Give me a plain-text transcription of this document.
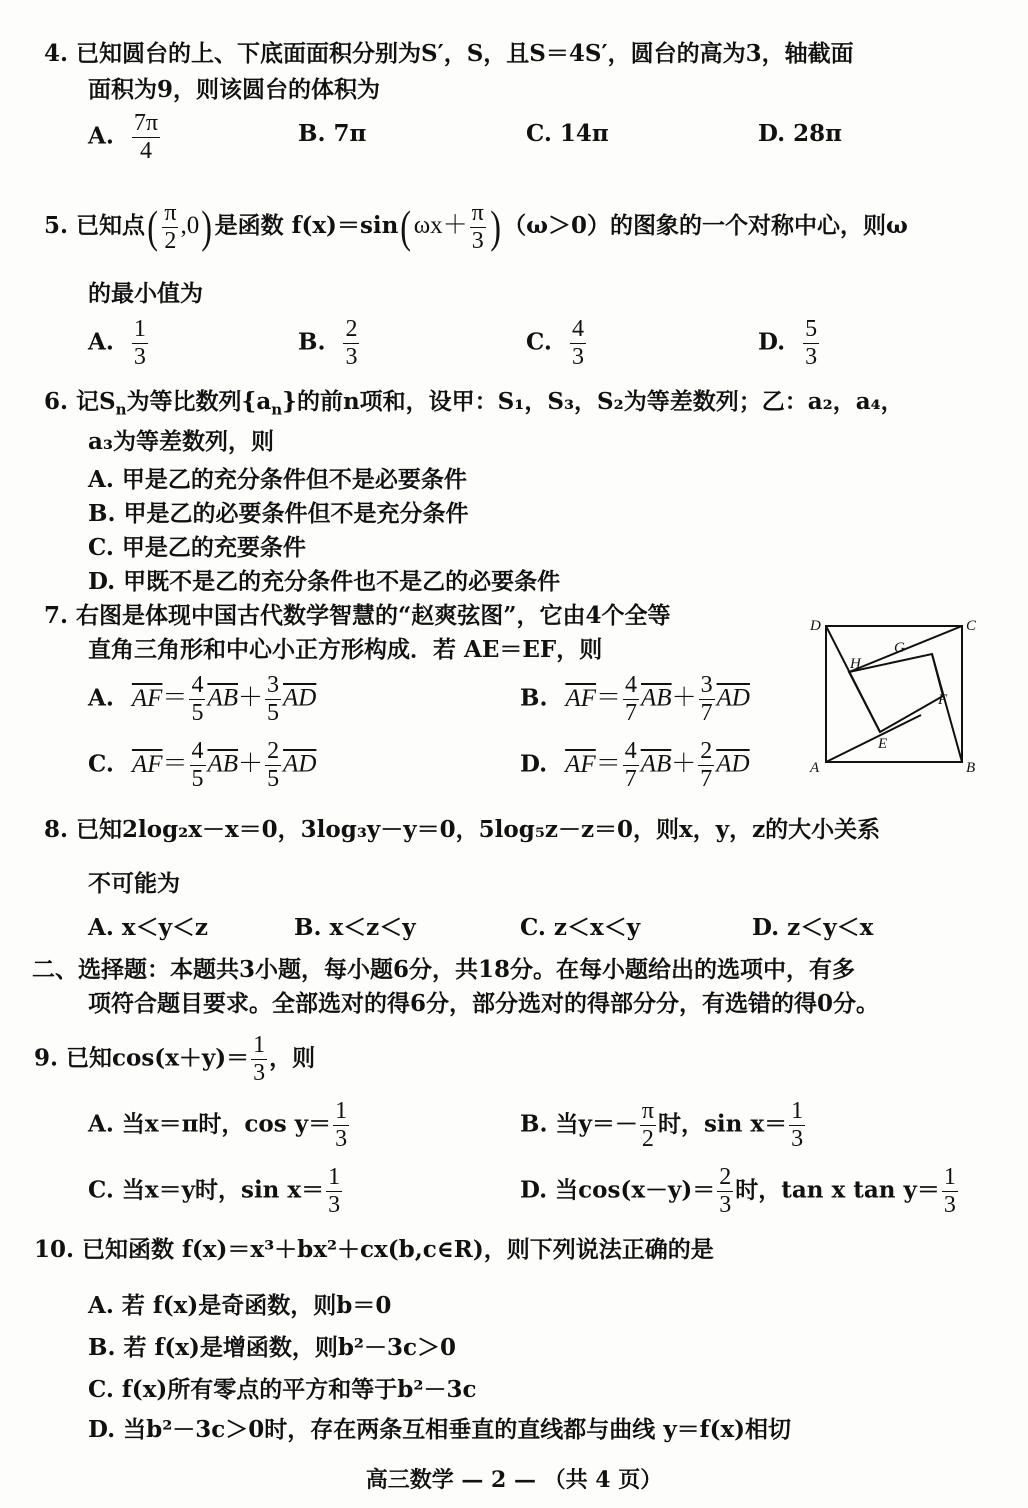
4. 已知圆台的上、下底面面积分别为S′，S，且S＝4S′，圆台的高为3，轴截面
面积为9，则该圆台的体积为
A. $\frac{7\pi}{4}$	B. 7π	C. 14π	D. 28π
5. 已知点( $\frac{\pi}{2} ,0$)是函数 $f(x)=\sin(\omega x+ \frac{\pi}{3} )(\omega>0)$的图象的一个对称中心，则ω
的最小值为
A. $\frac{1}{3}$	B. $\frac{2}{3}$	C. $\frac{4}{3}$	D. $\frac{5}{3}$
6. 记$S_n$为等比数列$\{a_n\}$的前n项和，设甲：S₁，S₃，S₂为等差数列；乙：a₂，a₄，
a₃为等差数列，则
A. 甲是乙的充分条件但不是必要条件
B. 甲是乙的必要条件但不是充分条件
C. 甲是乙的充要条件
D. 甲既不是乙的充分条件也不是乙的必要条件
7. 右图是体现中国古代数学智慧的“赵爽弦图”，它由4个全等
直角三角形和中心小正方形构成．若 AE＝EF，则
A. $\overline{AF}= \frac{4}{5} \overline{AB}+ \frac{3}{5} \overline{AD}$	B. $\overline{AF}= \frac{4}{7} \overline{AB}+ \frac{3}{7} \overline{AD}$
C. $\overline{AF}= \frac{4}{5} \overline{AB}+ \frac{2}{5} \overline{AD}$	D. $\overline{AF}= \frac{4}{7} \overline{AB}+ \frac{2}{7} \overline{AD}$
D	C
A	B
G
H
F
E
8. 已知2log₂x－x＝0，3log₃y－y＝0，5log₅z－z＝0，则x，y，z的大小关系
不可能为
A. x＜y＜z	B. x＜z＜y	C. z＜x＜y	D. z＜y＜x
二、选择题：本题共3小题，每小题6分，共18分。在每小题给出的选项中，有多
项符合题目要求。全部选对的得6分，部分选对的得部分分，有选错的得0分。
9. 已知$\cos(x+y)= \frac{1}{3}$ ，则
A. 当x＝π时，$\cos y= \frac{1}{3}$	B. 当$y=- \frac{\pi}{2}$ 时，$\sin x= \frac{1}{3}$
C. 当x＝y时，$\sin x= \frac{1}{3}$	D. 当$\cos(x-y)= \frac{2}{3}$ 时，tan x $\tan y= \frac{1}{3}$
10. 已知函数 f(x)＝x³＋bx²＋cx(b,c∈R)，则下列说法正确的是
A. 若 f(x)是奇函数，则b＝0
B. 若 f(x)是增函数，则b²－3c＞0
C. f(x)所有零点的平方和等于b²－3c
D. 当b²－3c＞0时，存在两条互相垂直的直线都与曲线 y＝f(x)相切
高三数学 — 2 — （共 4 页）
